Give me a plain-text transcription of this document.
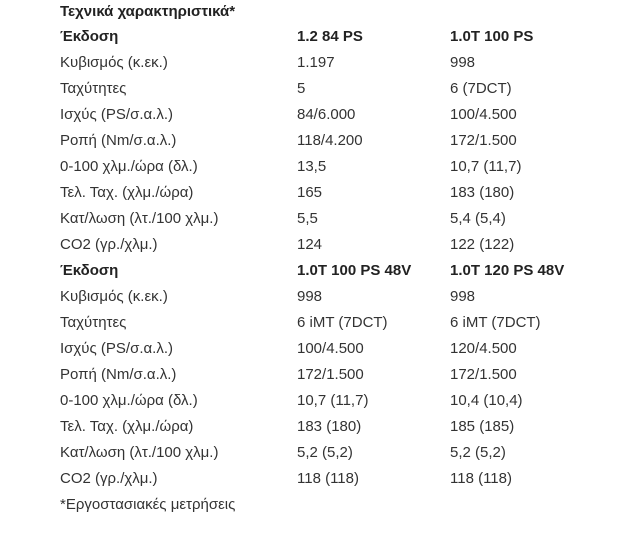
Τεχνικά χαρακτηριστικά*
Έκδοση	1.2 84 PS	1.0T 100 PS
Κυβισμός (κ.εκ.)	1.197	998
Ταχύτητες	5	6 (7DCT)
Ισχύς (PS/σ.α.λ.)	84/6.000	100/4.500
Ροπή (Nm/σ.α.λ.)	118/4.200	172/1.500
0-100 χλμ./ώρα (δλ.)	13,5	10,7 (11,7)
Τελ. Ταχ. (χλμ./ώρα)	165	183 (180)
Κατ/λωση (λτ./100 χλμ.)	5,5	5,4 (5,4)
CO2 (γρ./χλμ.)	124	122 (122)
Έκδοση	1.0T 100 PS 48V	1.0T 120 PS 48V
Κυβισμός (κ.εκ.)	998	998
Ταχύτητες	6 iMT (7DCT)	6 iMT (7DCT)
Ισχύς (PS/σ.α.λ.)	100/4.500	120/4.500
Ροπή (Nm/σ.α.λ.)	172/1.500	172/1.500
0-100 χλμ./ώρα (δλ.)	10,7 (11,7)	10,4 (10,4)
Τελ. Ταχ. (χλμ./ώρα)	183 (180)	185 (185)
Κατ/λωση (λτ./100 χλμ.)	5,2 (5,2)	5,2 (5,2)
CO2 (γρ./χλμ.)	118 (118)	118 (118)
*Εργοστασιακές μετρήσεις
